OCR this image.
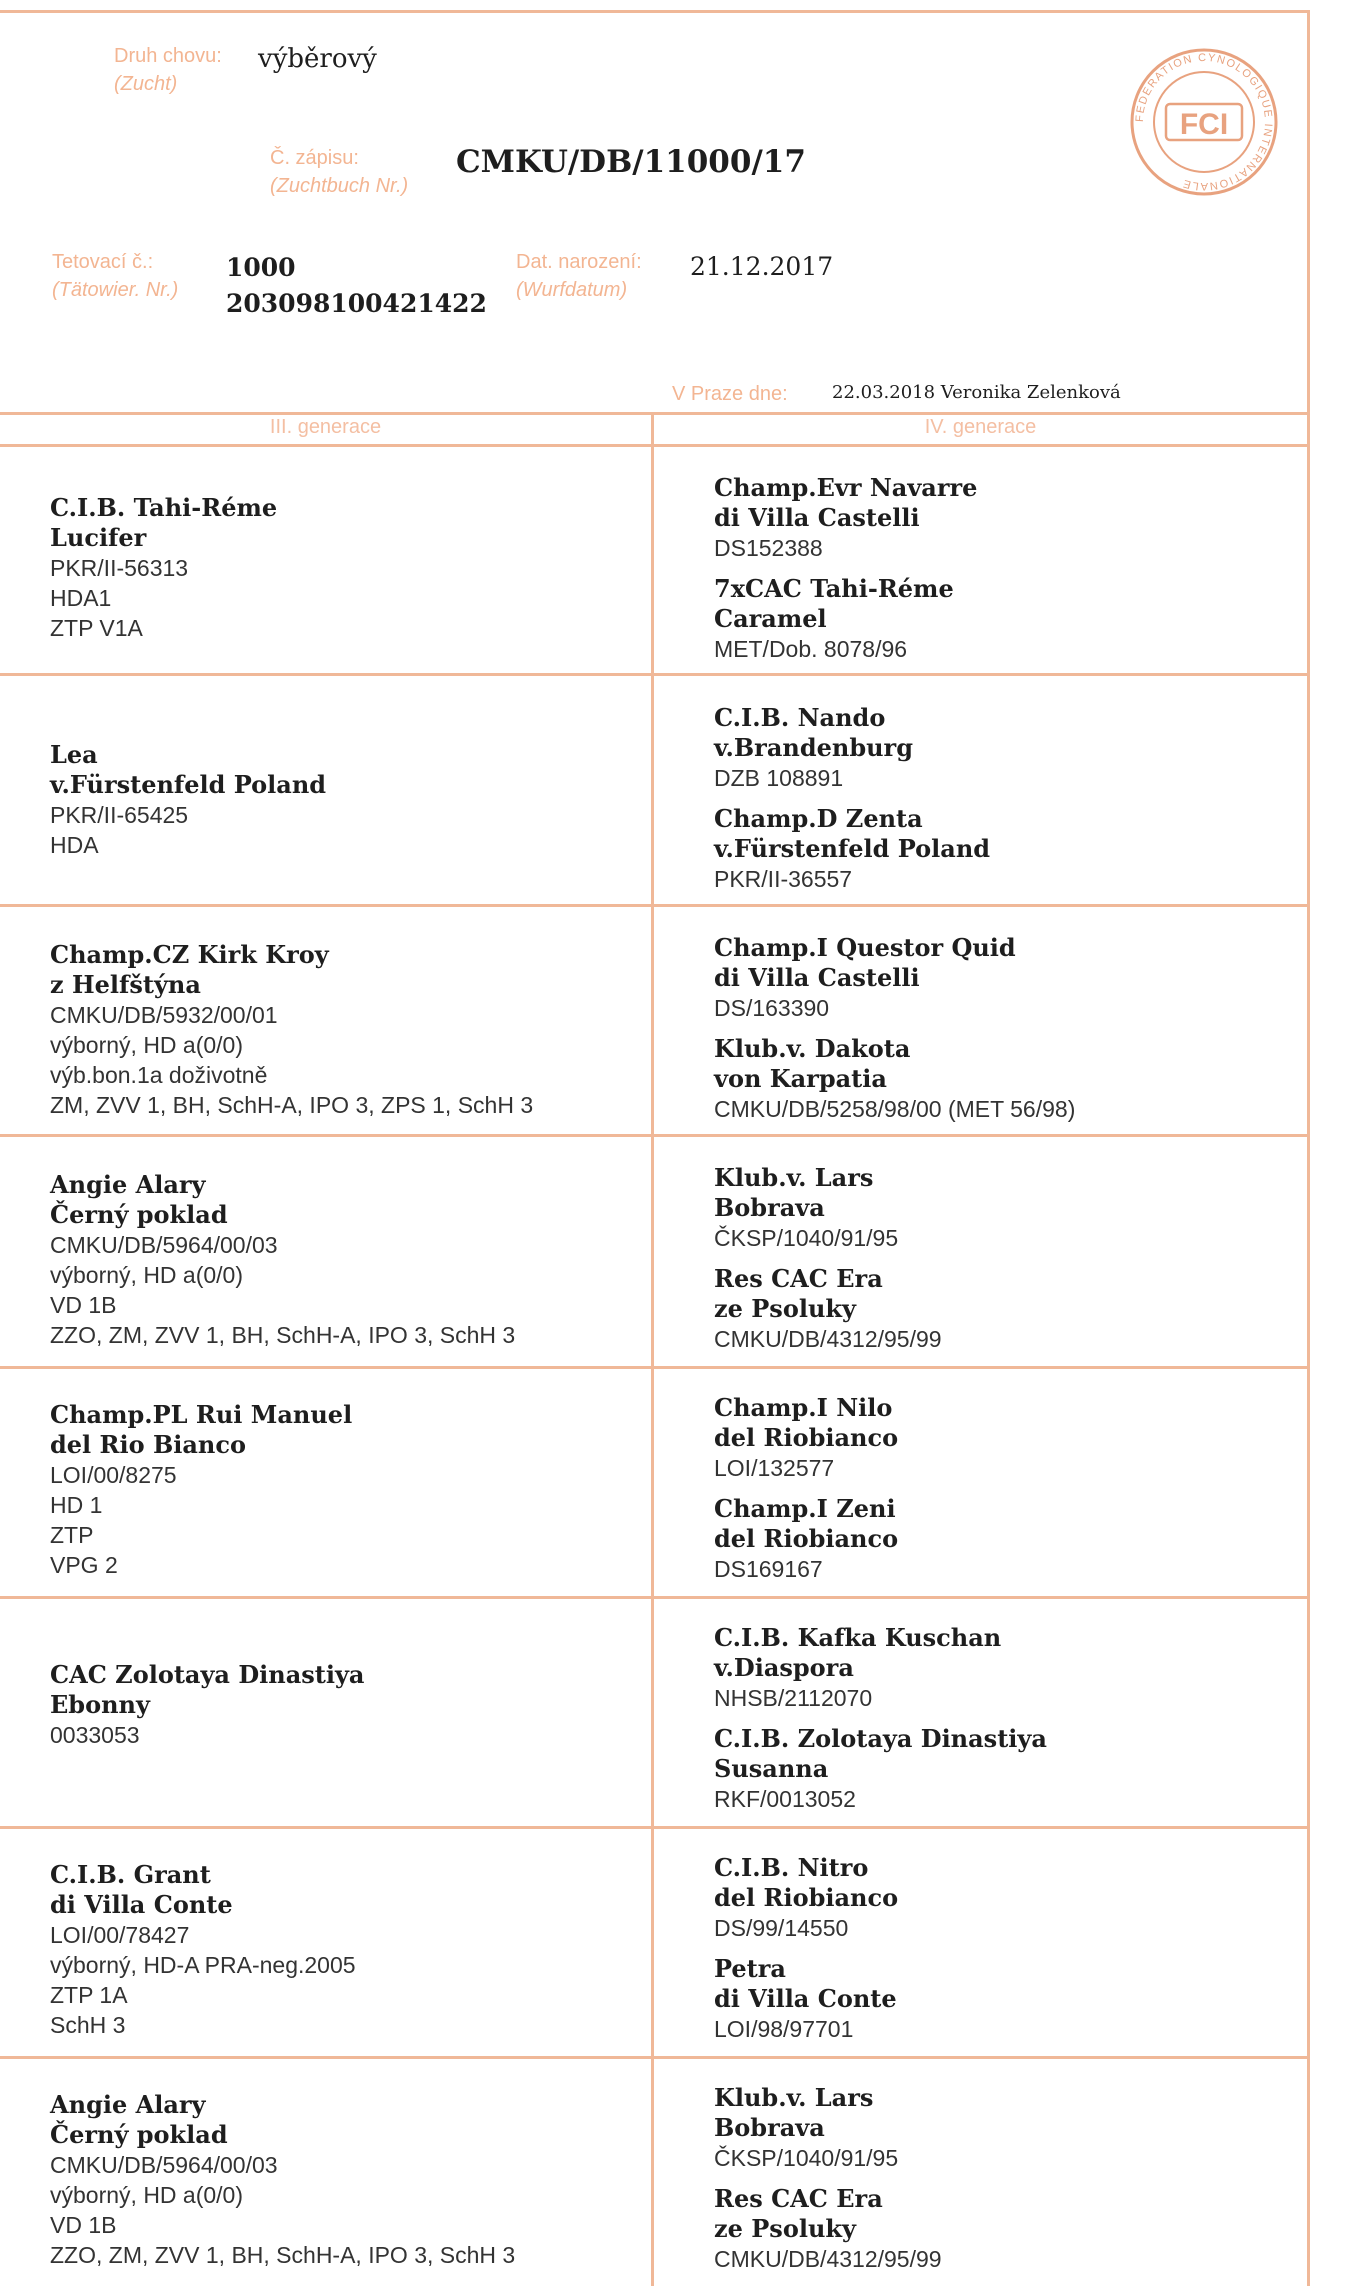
Druh chovu:
(Zucht)
výběrový
Č. zápisu:
(Zuchtbuch Nr.)
CMKU/DB/11000/17
Tetovací č.:
(Tätowier. Nr.)
1000
203098100421422
Dat. narození:
(Wurfdatum)
21.12.2017
V Praze dne: 22.03.2018 Veronika Zelenková
FEDERATION CYNOLOGIQUE INTERNATIONALE
FCI
III. generace	IV. generace
C.I.B. Tahi-Réme
Lucifer
PKR/II-56313
HDA1
ZTP V1A
Champ.Evr Navarre
di Villa Castelli
DS152388
7xCAC Tahi-Réme
Caramel
MET/Dob. 8078/96
Lea
v.Fürstenfeld Poland
PKR/II-65425
HDA
C.I.B. Nando
v.Brandenburg
DZB 108891
Champ.D Zenta
v.Fürstenfeld Poland
PKR/II-36557
Champ.CZ Kirk Kroy
z Helfštýna
CMKU/DB/5932/00/01
výborný, HD a(0/0)
výb.bon.1a doživotně
ZM, ZVV 1, BH, SchH-A, IPO 3, ZPS 1, SchH 3
Champ.I Questor Quid
di Villa Castelli
DS/163390
Klub.v. Dakota
von Karpatia
CMKU/DB/5258/98/00 (MET 56/98)
Angie Alary
Černý poklad
CMKU/DB/5964/00/03
výborný, HD a(0/0)
VD 1B
ZZO, ZM, ZVV 1, BH, SchH-A, IPO 3, SchH 3
Klub.v. Lars
Bobrava
ČKSP/1040/91/95
Res CAC Era
ze Psoluky
CMKU/DB/4312/95/99
Champ.PL Rui Manuel
del Rio Bianco
LOI/00/8275
HD 1
ZTP
VPG 2
Champ.I Nilo
del Riobianco
LOI/132577
Champ.I Zeni
del Riobianco
DS169167
CAC Zolotaya Dinastiya
Ebonny
0033053
C.I.B. Kafka Kuschan
v.Diaspora
NHSB/2112070
C.I.B. Zolotaya Dinastiya
Susanna
RKF/0013052
C.I.B. Grant
di Villa Conte
LOI/00/78427
výborný, HD-A PRA-neg.2005
ZTP 1A
SchH 3
C.I.B. Nitro
del Riobianco
DS/99/14550
Petra
di Villa Conte
LOI/98/97701
Angie Alary
Černý poklad
CMKU/DB/5964/00/03
výborný, HD a(0/0)
VD 1B
ZZO, ZM, ZVV 1, BH, SchH-A, IPO 3, SchH 3
Klub.v. Lars
Bobrava
ČKSP/1040/91/95
Res CAC Era
ze Psoluky
CMKU/DB/4312/95/99
